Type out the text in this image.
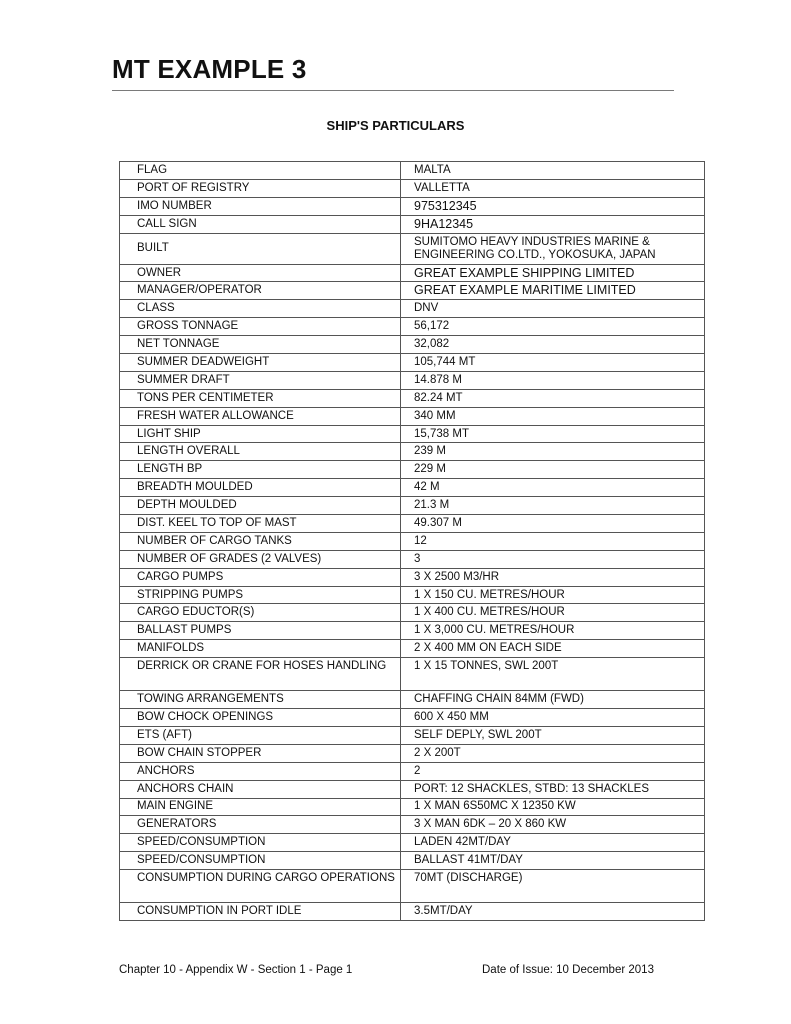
MT EXAMPLE 3
SHIP'S PARTICULARS
FLAG	MALTA
PORT OF REGISTRY	VALLETTA
IMO NUMBER	975312345
CALL SIGN	9HA12345
BUILT	SUMITOMO HEAVY INDUSTRIES MARINE & ENGINEERING CO.LTD., YOKOSUKA, JAPAN
OWNER	GREAT EXAMPLE SHIPPING LIMITED
MANAGER/OPERATOR	GREAT EXAMPLE MARITIME LIMITED
CLASS	DNV
GROSS TONNAGE	56,172
NET TONNAGE	32,082
SUMMER DEADWEIGHT	105,744 MT
SUMMER DRAFT	14.878 M
TONS PER CENTIMETER	82.24 MT
FRESH WATER ALLOWANCE	340 MM
LIGHT SHIP	15,738 MT
LENGTH OVERALL	239 M
LENGTH BP	229 M
BREADTH MOULDED	42 M
DEPTH MOULDED	21.3 M
DIST. KEEL TO TOP OF MAST	49.307 M
NUMBER OF CARGO TANKS	12
NUMBER OF GRADES (2 VALVES)	3
CARGO PUMPS	3 X 2500 M3/HR
STRIPPING PUMPS	1 X 150 CU. METRES/HOUR
CARGO EDUCTOR(S)	1 X 400 CU. METRES/HOUR
BALLAST PUMPS	1 X 3,000 CU. METRES/HOUR
MANIFOLDS	2 X 400 MM ON EACH SIDE
DERRICK OR CRANE FOR HOSES HANDLING	1 X 15 TONNES, SWL 200T
TOWING ARRANGEMENTS	CHAFFING CHAIN 84MM (FWD)
BOW CHOCK OPENINGS	600 X 450 MM
ETS (AFT)	SELF DEPLY, SWL 200T
BOW CHAIN STOPPER	2 X 200T
ANCHORS	2
ANCHORS CHAIN	PORT: 12 SHACKLES, STBD: 13 SHACKLES
MAIN ENGINE	1 X MAN 6S50MC X 12350 KW
GENERATORS	3 X MAN 6DK – 20 X 860 KW
SPEED/CONSUMPTION	LADEN 42MT/DAY
SPEED/CONSUMPTION	BALLAST 41MT/DAY
CONSUMPTION DURING CARGO OPERATIONS	70MT (DISCHARGE)
CONSUMPTION IN PORT IDLE	3.5MT/DAY
Chapter 10 - Appendix W - Section 1 - Page 1	Date of Issue: 10 December 2013
